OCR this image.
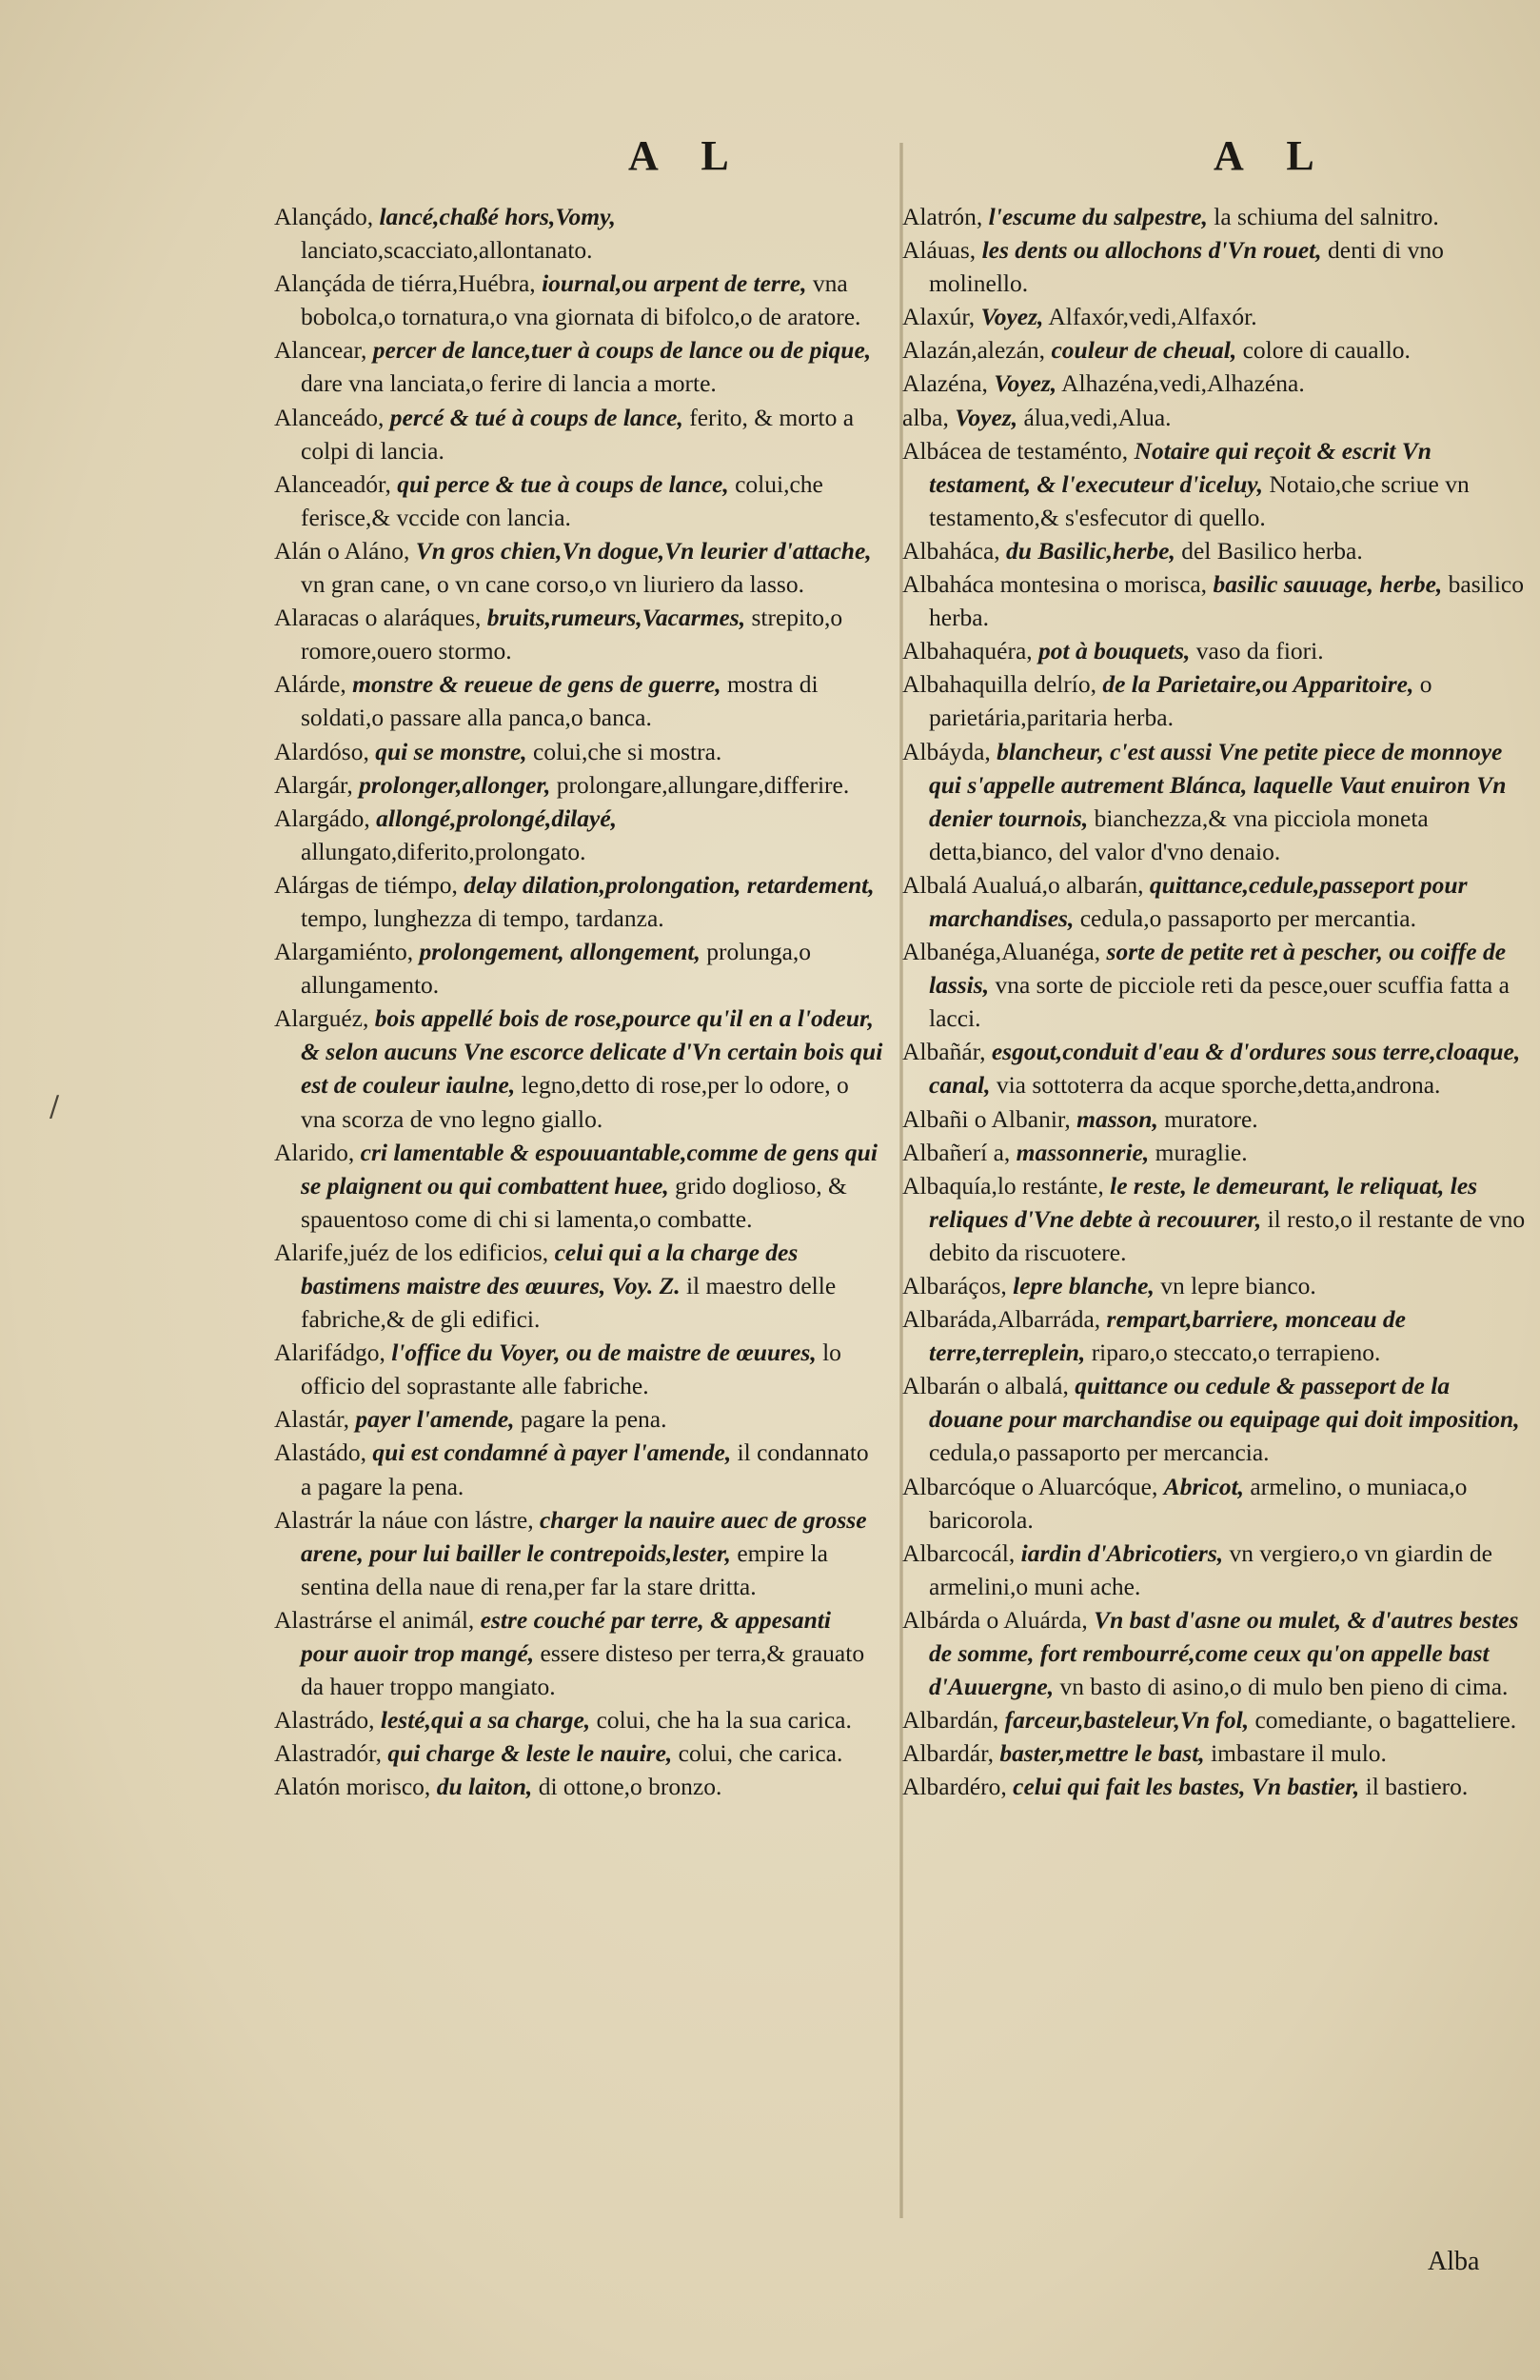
A L	A L
/

Alançádo, lancé,chaßé hors,Vomy, lanciato,scacciato,allontanato.

Alançáda de tiérra,Huébra, iournal,ou arpent de terre, vna bobolca,o tornatura,o vna giornata di bifolco,o de aratore.

Alancear, percer de lance,tuer à coups de lance ou de pique, dare vna lanciata,o ferire di lancia a morte.

Alanceádo, percé & tué à coups de lance, ferito, & morto a colpi di lancia.

Alanceadór, qui perce & tue à coups de lance, colui,che ferisce,& vccide con lancia.

Alán o Aláno, Vn gros chien,Vn dogue,Vn leurier d'attache, vn gran cane, o vn cane corso,o vn liuriero da lasso.

Alaracas o alaráques, bruits,rumeurs,Vacarmes, strepito,o romore,ouero stormo.

Alárde, monstre & reueue de gens de guerre, mostra di soldati,o passare alla panca,o banca.

Alardóso, qui se monstre, colui,che si mostra.

Alargár, prolonger,allonger, prolongare,allungare,differire.

Alargádo, allongé,prolongé,dilayé, allungato,diferito,prolongato.

Alárgas de tiémpo, delay dilation,prolongation, retardement, tempo, lunghezza di tempo, tardanza.

Alargamiénto, prolongement, allongement, prolunga,o allungamento.

Alarguéz, bois appellé bois de rose,pource qu'il en a l'odeur, & selon aucuns Vne escorce delicate d'Vn certain bois qui est de couleur iaulne, legno,detto di rose,per lo odore, o vna scorza de vno legno giallo.

Alarido, cri lamentable & espouuantable,comme de gens qui se plaignent ou qui combattent huee, grido doglioso, & spauentoso come di chi si lamenta,o combatte.

Alarife,juéz de los edificios, celui qui a la charge des bastimens maistre des œuures, Voy. Z. il maestro delle fabriche,& de gli edifici.

Alarifádgo, l'office du Voyer, ou de maistre de œuures, lo officio del soprastante alle fabriche.

Alastár, payer l'amende, pagare la pena.

Alastádo, qui est condamné à payer l'amende, il condannato a pagare la pena.

Alastrár la náue con lástre, charger la nauire auec de grosse arene, pour lui bailler le contrepoids,lester, empire la sentina della naue di rena,per far la stare dritta.

Alastrárse el animál, estre couché par terre, & appesanti pour auoir trop mangé, essere disteso per terra,& grauato da hauer troppo mangiato.

Alastrádo, lesté,qui a sa charge, colui, che ha la sua carica.

Alastradór, qui charge & leste le nauire, colui, che carica.

Alatón morisco, du laiton, di ottone,o bronzo.

Alatrón, l'escume du salpestre, la schiuma del salnitro.

Aláuas, les dents ou allochons d'Vn rouet, denti di vno molinello.

Alaxúr, Voyez, Alfaxór,vedi,Alfaxór.

Alazán,alezán, couleur de cheual, colore di cauallo.

Alazéna, Voyez, Alhazéna,vedi,Alhazéna.

alba, Voyez, álua,vedi,Alua.

Albácea de testaménto, Notaire qui reçoit & escrit Vn testament, & l'executeur d'iceluy, Notaio,che scriue vn testamento,& s'esfecutor di quello.

Albaháca, du Basilic,herbe, del Basilico herba.

Albaháca montesina o morisca, basilic sauuage, herbe, basilico herba.

Albahaquéra, pot à bouquets, vaso da fiori.

Albahaquilla delrío, de la Parietaire,ou Apparitoire, o parietária,paritaria herba.

Albáyda, blancheur, c'est aussi Vne petite piece de monnoye qui s'appelle autrement Blánca, laquelle Vaut enuiron Vn denier tournois, bianchezza,& vna picciola moneta detta,bianco, del valor d'vno denaio.

Albalá Aualuá,o albarán, quittance,cedule,passeport pour marchandises, cedula,o passaporto per mercantia.

Albanéga,Aluanéga, sorte de petite ret à pescher, ou coiffe de lassis, vna sorte de picciole reti da pesce,ouer scuffia fatta a lacci.

Albañár, esgout,conduit d'eau & d'ordures sous terre,cloaque, canal, via sottoterra da acque sporche,detta,androna.

Albañi o Albanir, masson, muratore.

Albañerí a, massonnerie, muraglie.

Albaquía,lo restánte, le reste, le demeurant, le reliquat, les reliques d'Vne debte à recouurer, il resto,o il restante de vno debito da riscuotere.

Albaráços, lepre blanche, vn lepre bianco.

Albaráda,Albarráda, rempart,barriere, monceau de terre,terreplein, riparo,o steccato,o terrapieno.

Albarán o albalá, quittance ou cedule & passeport de la douane pour marchandise ou equipage qui doit imposition, cedula,o passaporto per mercancia.

Albarcóque o Aluarcóque, Abricot, armelino, o muniaca,o baricorola.

Albarcocál, iardin d'Abricotiers, vn vergiero,o vn giardin de armelini,o muni ache.

Albárda o Aluárda, Vn bast d'asne ou mulet, & d'autres bestes de somme, fort rembourré,come ceux qu'on appelle bast d'Auuergne, vn basto di asino,o di mulo ben pieno di cima.

Albardán, farceur,basteleur,Vn fol, comediante, o bagatteliere.

Albardár, baster,mettre le bast, imbastare il mulo.

Albardéro, celui qui fait les bastes, Vn bastier, il bastiero.

Alba
